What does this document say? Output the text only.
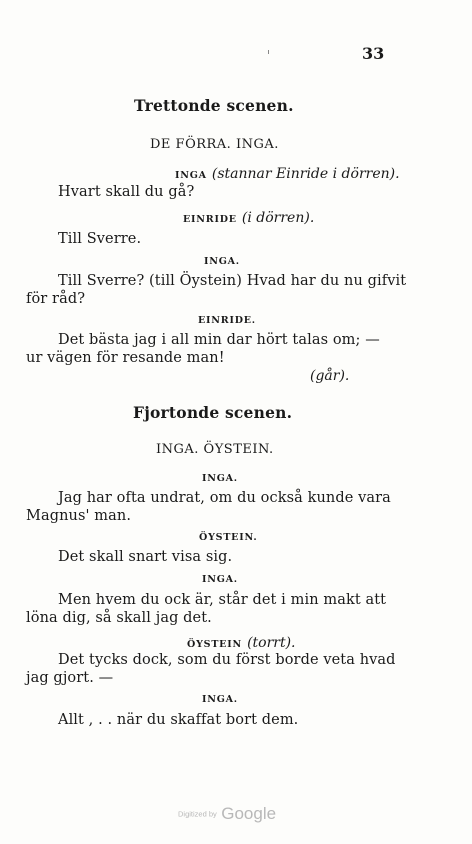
33
Trettonde scenen.
DE FÖRRA. INGA.
INGA (stannar Einride i dörren).
Hvart skall du gå?
EINRIDE (i dörren).
Till Sverre.
INGA.
Till Sverre? (till Öystein) Hvad har du nu gifvit
för råd?
EINRIDE.
Det bästa jag i all min dar hört talas om; —
ur vägen för resande man!
(går).
Fjortonde scenen.
INGA. ÖYSTEIN.
INGA.
Jag har ofta undrat, om du också kunde vara
Magnus' man.
ÖYSTEIN.
Det skall snart visa sig.
INGA.
Men hvem du ock är, står det i min makt att
löna dig, så skall jag det.
ÖYSTEIN (torrt).
Det tycks dock, som du först borde veta hvad
jag gjort. —
INGA.
Allt , . . när du skaffat bort dem.
Digitized by Google
